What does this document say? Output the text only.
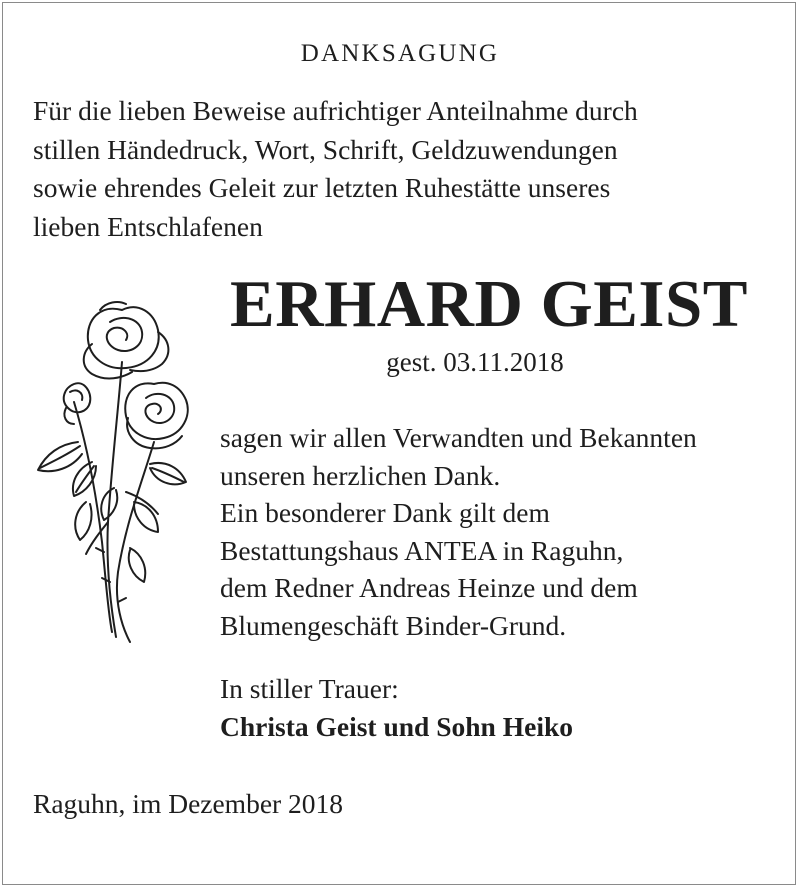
DANKSAGUNG
Für die lieben Beweise aufrichtiger Anteilnahme durch
stillen Händedruck, Wort, Schrift, Geldzuwendungen
sowie ehrendes Geleit zur letzten Ruhestätte unseres
lieben Entschlafenen
ERHARD GEIST
gest. 03.11.2018
sagen wir allen Verwandten und Bekannten
unseren herzlichen Dank.
Ein besonderer Dank gilt dem
Bestattungshaus ANTEA in Raguhn,
dem Redner Andreas Heinze und dem
Blumengeschäft Binder-Grund.
In stiller Trauer:
Christa Geist und Sohn Heiko
Raguhn, im Dezember 2018
